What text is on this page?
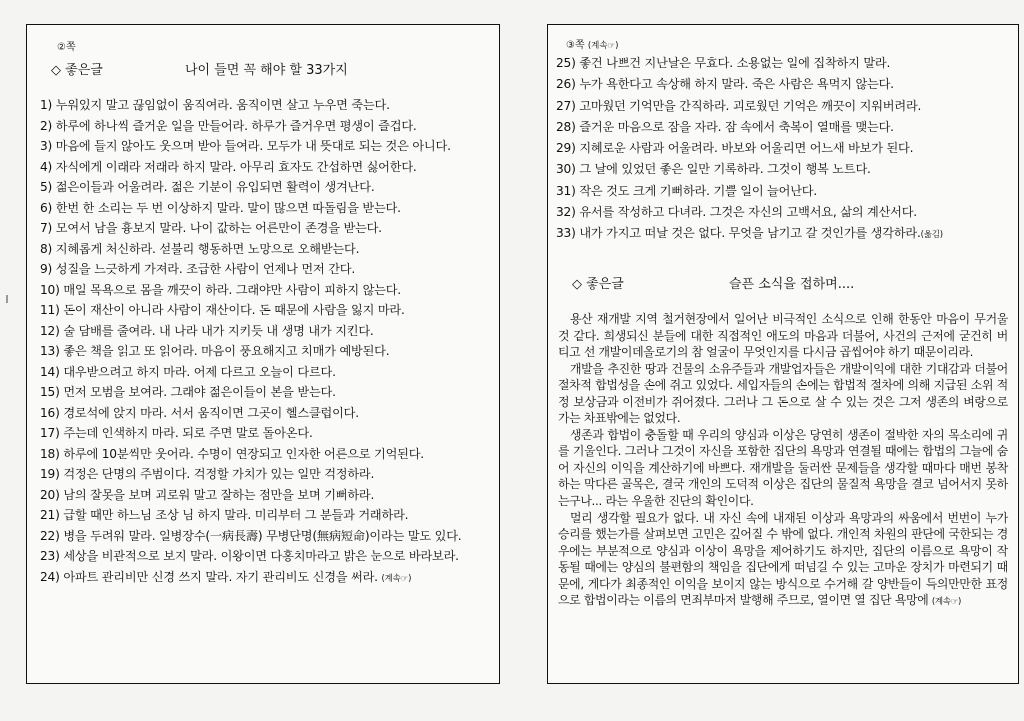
②쪽
◇ 좋은글	나이 들면 꼭 해야 할 33가지
1) 누워있지 말고 끊임없이 움직여라. 움직이면 살고 누우면 죽는다.
2) 하루에 하나씩 즐거운 일을 만들어라. 하루가 즐거우면 평생이 즐겁다.
3) 마음에 들지 않아도 웃으며 받아 들여라. 모두가 내 뜻대로 되는 것은 아니다.
4) 자식에게 이래라 저래라 하지 말라. 아무리 효자도 간섭하면 싫어한다.
5) 젊은이들과 어울려라. 젊은 기분이 유입되면 활력이 생겨난다.
6) 한번 한 소리는 두 번 이상하지 말라. 말이 많으면 따돌림을 받는다.
7) 모여서 남을 흉보지 말라. 나이 값하는 어른만이 존경을 받는다.
8) 지혜롭게 처신하라. 섣불리 행동하면 노망으로 오해받는다.
9) 성질을 느긋하게 가져라. 조급한 사람이 언제나 먼저 간다.
10) 매일 목욕으로 몸을 깨끗이 하라. 그래야만 사람이 피하지 않는다.
11) 돈이 재산이 아니라 사람이 재산이다. 돈 때문에 사람을 잃지 마라.
12) 술 담배를 줄여라. 내 나라 내가 지키듯 내 생명 내가 지킨다.
13) 좋은 책을 읽고 또 읽어라. 마음이 풍요해지고 치매가 예방된다.
14) 대우받으려고 하지 마라. 어제 다르고 오늘이 다르다.
15) 먼저 모범을 보여라. 그래야 젊은이들이 본을 받는다.
16) 경로석에 앉지 마라. 서서 움직이면 그곳이 헬스클럽이다.
17) 주는데 인색하지 마라. 되로 주면 말로 돌아온다.
18) 하루에 10분씩만 웃어라. 수명이 연장되고 인자한 어른으로 기억된다.
19) 걱정은 단명의 주범이다. 걱정할 가치가 있는 일만 걱정하라.
20) 남의 잘못을 보며 괴로워 말고 잘하는 점만을 보며 기뻐하라.
21) 급할 때만 하느님 조상 님 하지 말라. 미리부터 그 분들과 거래하라.
22) 병을 두려워 말라. 일병장수(一病長壽) 무병단명(無病短命)이라는 말도 있다.
23) 세상을 비관적으로 보지 말라. 이왕이면 다홍치마라고 밝은 눈으로 바라보라.
24) 아파트 관리비만 신경 쓰지 말라. 자기 관리비도 신경을 써라. (계속☞)
③쪽 (계속☞)
25) 좋건 나쁘건 지난날은 무효다. 소용없는 일에 집착하지 말라.
26) 누가 욕한다고 속상해 하지 말라. 죽은 사람은 욕먹지 않는다.
27) 고마웠던 기억만을 간직하라. 괴로웠던 기억은 깨끗이 지워버려라.
28) 즐거운 마음으로 잠을 자라. 잠 속에서 축복이 열매를 맺는다.
29) 지혜로운 사람과 어울려라. 바보와 어울리면 어느새 바보가 된다.
30) 그 날에 있었던 좋은 일만 기록하라. 그것이 행복 노트다.
31) 작은 것도 크게 기뻐하라. 기쁠 일이 늘어난다.
32) 유서를 작성하고 다녀라. 그것은 자신의 고백서요, 삶의 계산서다.
33) 내가 가지고 떠날 것은 없다. 무엇을 남기고 갈 것인가를 생각하라.(옮김)
◇ 좋은글	슬픈 소식을 접하며....

용산 재개발 지역 철거현장에서 일어난 비극적인 소식으로 인해 한동안 마음이 무거울 것 같다. 희생되신 분들에 대한 직접적인 애도의 마음과 더불어, 사건의 근저에 굳건히 버티고 선 개발이데올로기의 참 얼굴이 무엇인지를 다시금 곱씹어야 하기 때문이리라.

개발을 추진한 땅과 건물의 소유주들과 개발업자들은 개발이익에 대한 기대감과 더불어 절차적 합법성을 손에 쥐고 있었다. 세입자들의 손에는 합법적 절차에 의해 지급된 소위 적정 보상금과 이전비가 쥐어졌다. 그러나 그 돈으로 살 수 있는 것은 그저 생존의 벼랑으로 가는 차표밖에는 없었다.

생존과 합법이 충돌할 때 우리의 양심과 이상은 당연히 생존이 절박한 자의 목소리에 귀를 기울인다. 그러나 그것이 자신을 포함한 집단의 욕망과 연결될 때에는 합법의 그늘에 숨어 자신의 이익을 계산하기에 바쁘다. 재개발을 둘러싼 문제들을 생각할 때마다 매번 봉착하는 막다른 골목은, 결국 개인의 도덕적 이상은 집단의 물질적 욕망을 결코 넘어서지 못하는구나... 라는 우울한 진단의 확인이다.

멀리 생각할 필요가 없다. 내 자신 속에 내재된 이상과 욕망과의 싸움에서 번번이 누가 승리를 했는가를 살펴보면 고민은 깊어질 수 밖에 없다. 개인적 차원의 판단에 국한되는 경우에는 부분적으로 양심과 이상이 욕망을 제어하기도 하지만, 집단의 이름으로 욕망이 작동될 때에는 양심의 불편함의 책임을 집단에게 떠넘길 수 있는 고마운 장치가 마련되기 때문에, 게다가 최종적인 이익을 보이지 않는 방식으로 수거해 갈 양반들이 득의만만한 표정으로 합법이라는 이름의 면죄부마저 발행해 주므로, 열이면 열 집단 욕망에 (계속☞)
